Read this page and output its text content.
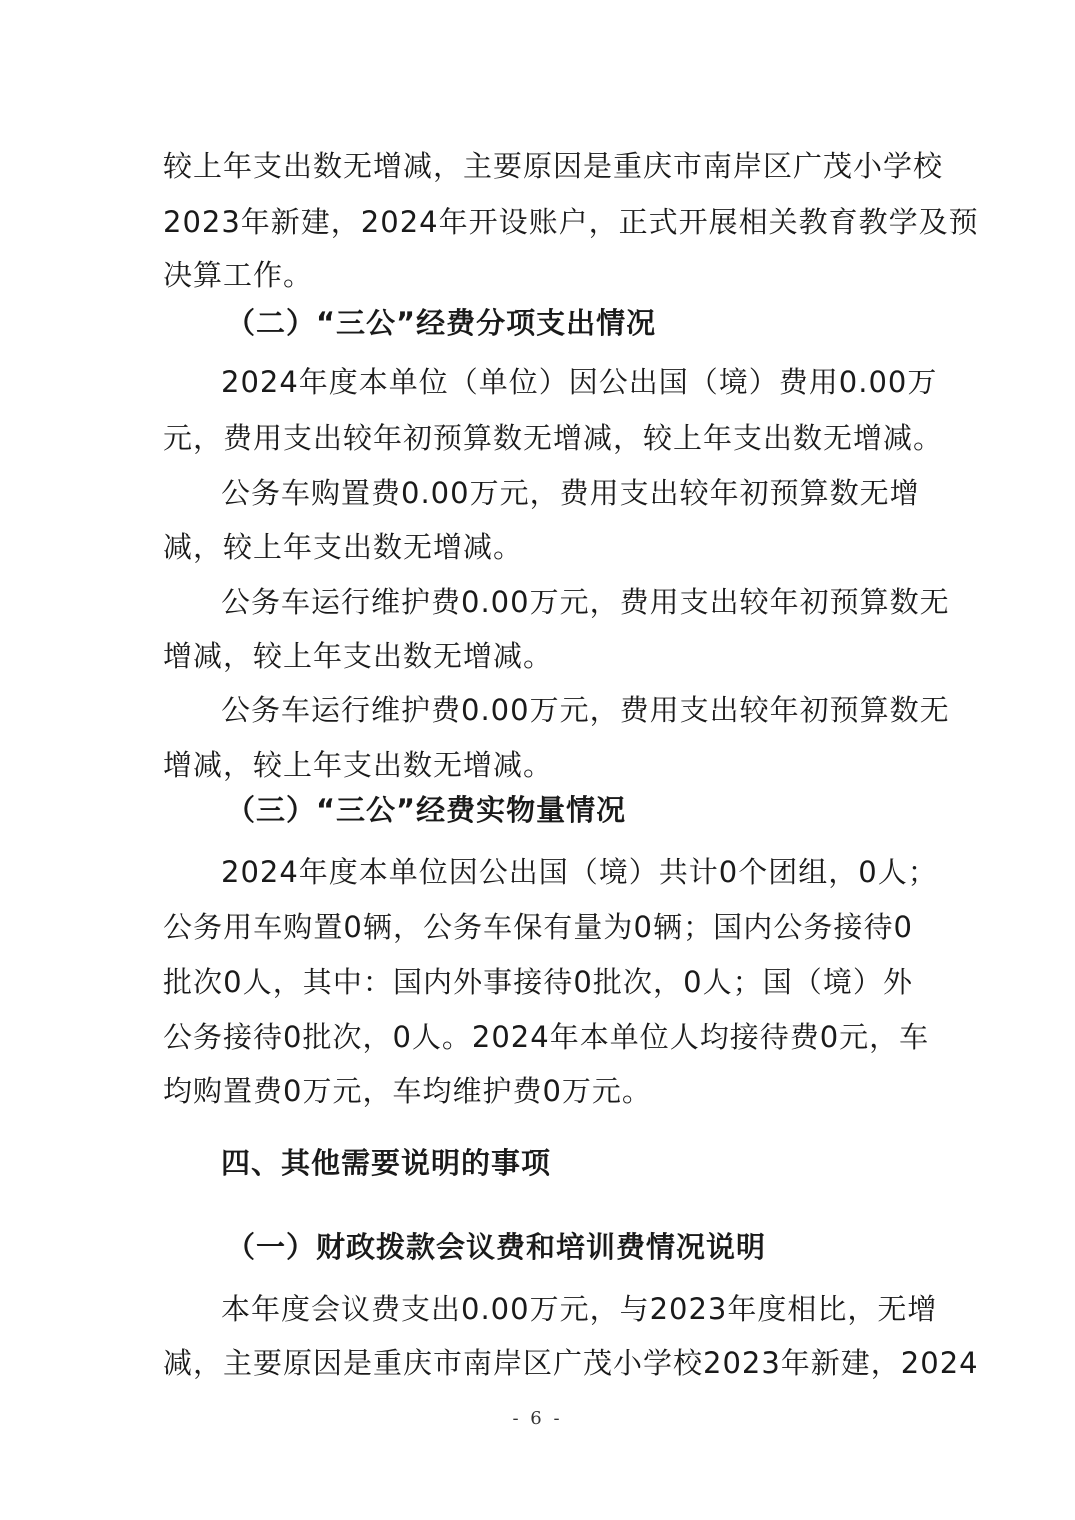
较上年支出数无增减，主要原因是重庆市南岸区广茂小学校
2023年新建，2024年开设账户，正式开展相关教育教学及预
决算工作。
（二）“三公”经费分项支出情况
2024年度本单位（单位）因公出国（境）费用0.00万
元，费用支出较年初预算数无增减，较上年支出数无增减。
公务车购置费0.00万元，费用支出较年初预算数无增
减，较上年支出数无增减。
公务车运行维护费0.00万元，费用支出较年初预算数无
增减，较上年支出数无增减。
公务车运行维护费0.00万元，费用支出较年初预算数无
增减，较上年支出数无增减。
（三）“三公”经费实物量情况
2024年度本单位因公出国（境）共计0个团组，0人；
公务用车购置0辆，公务车保有量为0辆；国内公务接待0
批次0人，其中：国内外事接待0批次，0人；国（境）外
公务接待0批次，0人。2024年本单位人均接待费0元，车
均购置费0万元，车均维护费0万元。
四、其他需要说明的事项
（一）财政拨款会议费和培训费情况说明
本年度会议费支出0.00万元，与2023年度相比，无增
减，主要原因是重庆市南岸区广茂小学校2023年新建，2024
- 6 -
